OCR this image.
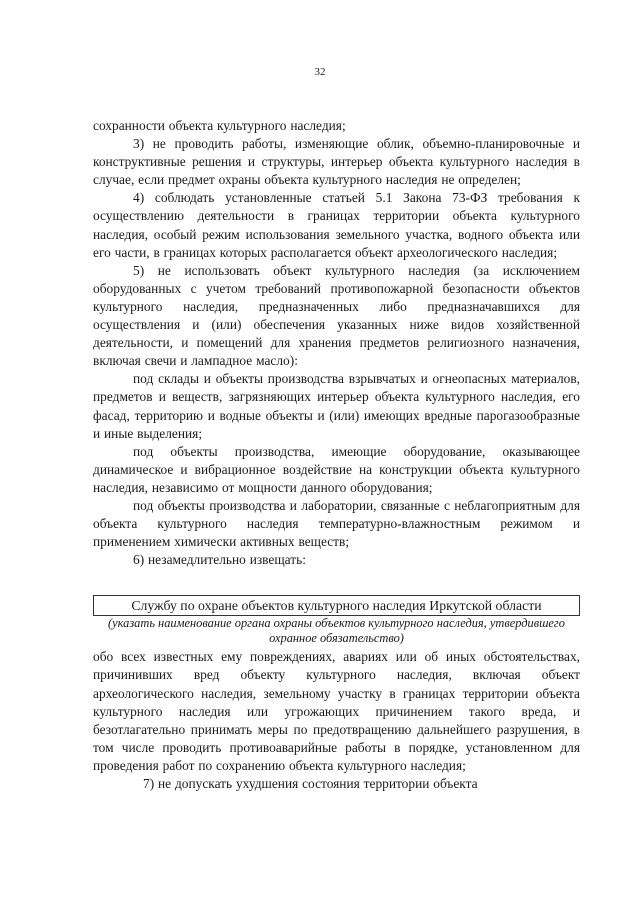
32

сохранности объекта культурного наследия;

3) не проводить работы, изменяющие облик, объемно-планировочные и конструктивные решения и структуры, интерьер объекта культурного наследия в случае, если предмет охраны объекта культурного наследия не определен;

4) соблюдать установленные статьей 5.1 Закона 73-ФЗ требования к осуществлению деятельности в границах территории объекта культурного наследия, особый режим использования земельного участка, водного объекта или его части, в границах которых располагается объект археологического наследия;

5) не использовать объект культурного наследия (за исключением оборудованных с учетом требований противопожарной безопасности объектов культурного наследия, предназначенных либо предназначавшихся для осуществления и (или) обеспечения указанных ниже видов хозяйственной деятельности, и помещений для хранения предметов религиозного назначения, включая свечи и лампадное масло):

под склады и объекты производства взрывчатых и огнеопасных материалов, предметов и веществ, загрязняющих интерьер объекта культурного наследия, его фасад, территорию и водные объекты и (или) имеющих вредные парогазообразные и иные выделения;

под объекты производства, имеющие оборудование, оказывающее динамическое и вибрационное воздействие на конструкции объекта культурного наследия, независимо от мощности данного оборудования;

под объекты производства и лаборатории, связанные с неблагоприятным для объекта культурного наследия температурно-влажностным режимом и применением химически активных веществ;

6) незамедлительно извещать:

Службу по охране объектов культурного наследия Иркутской области

(указать наименование органа охраны объектов культурного наследия, утвердившего охранное обязательство)

обо всех известных ему повреждениях, авариях или об иных обстоятельствах, причинивших вред объекту культурного наследия, включая объект археологического наследия, земельному участку в границах территории объекта культурного наследия или угрожающих причинением такого вреда, и безотлагательно принимать меры по предотвращению дальнейшего разрушения, в том числе проводить противоаварийные работы в порядке, установленном для проведения работ по сохранению объекта культурного наследия;

7) не допускать ухудшения состояния территории объекта
